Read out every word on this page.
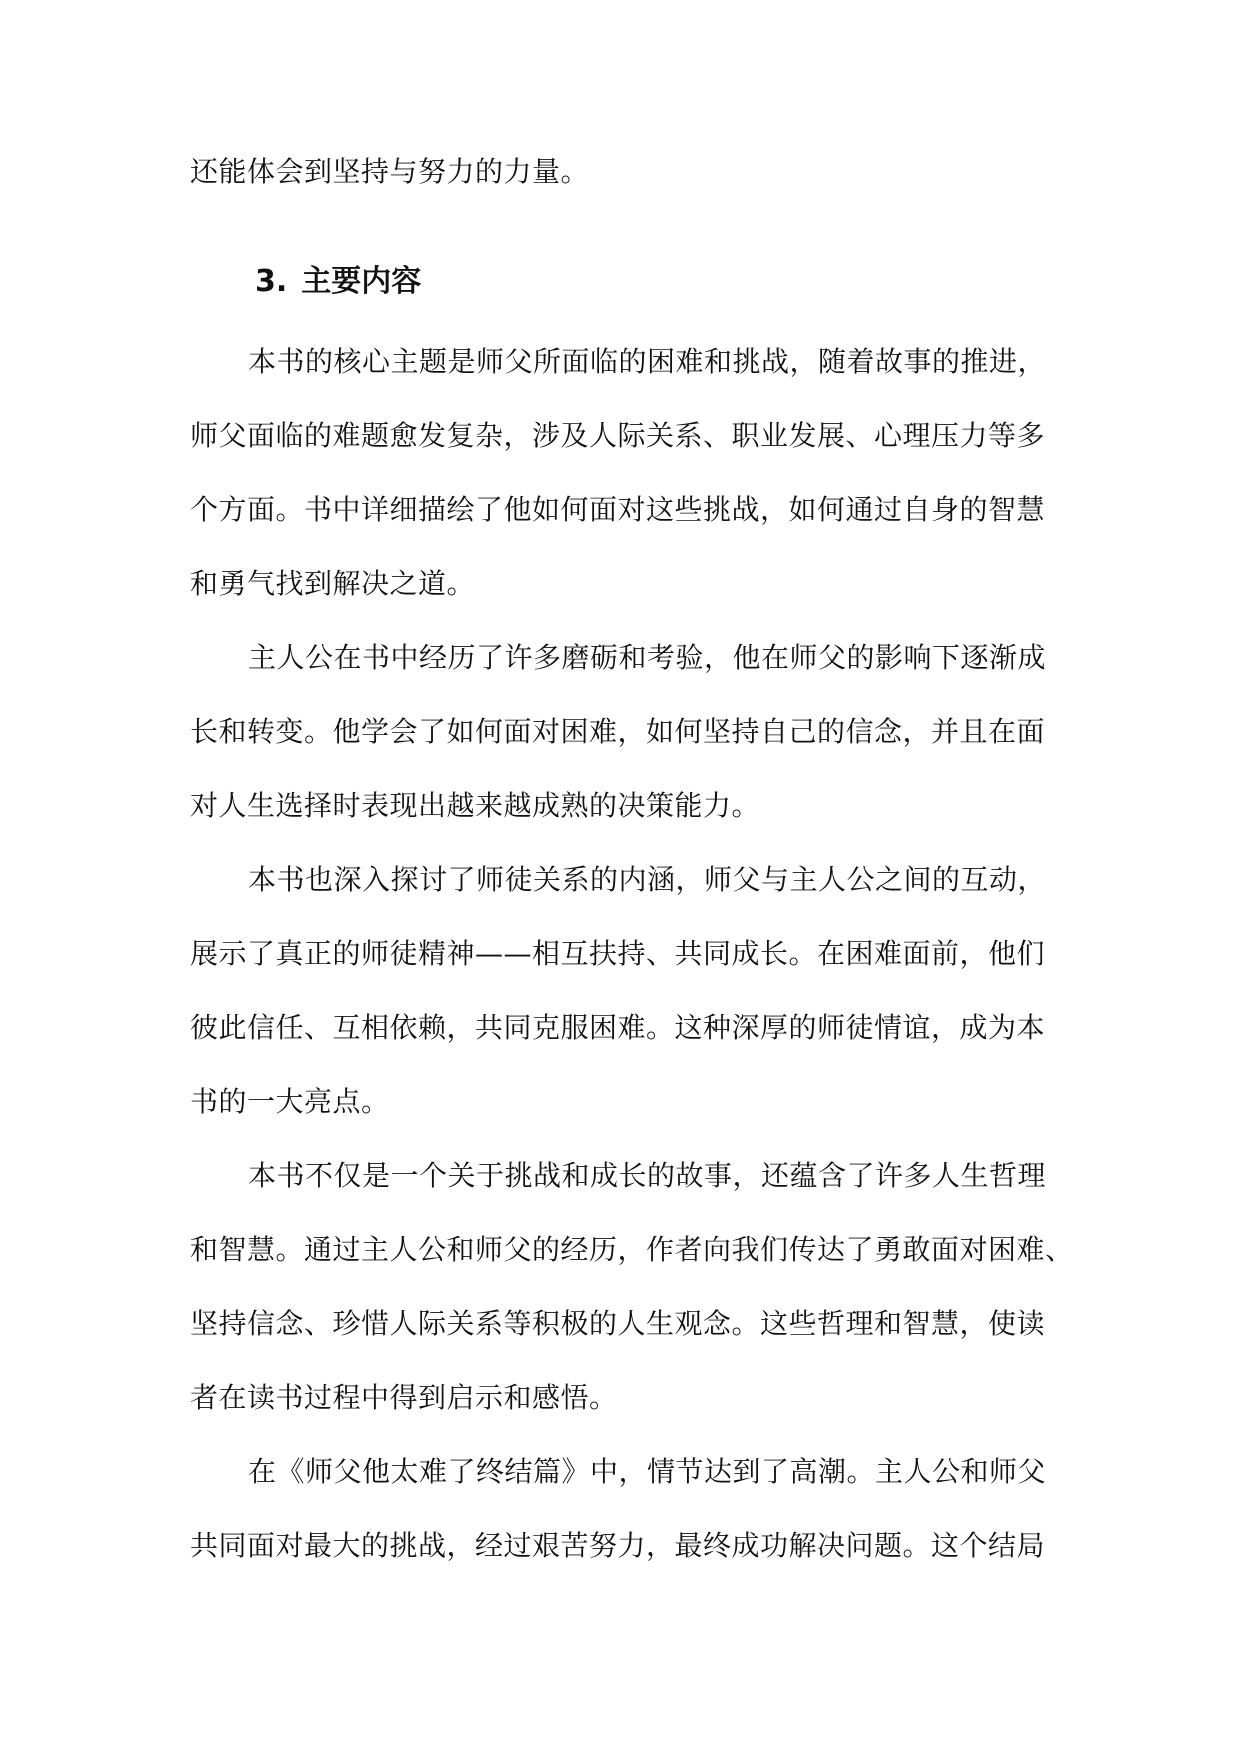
还能体会到坚持与努力的力量。
3. 主要内容
本书的核心主题是师父所面临的困难和挑战，随着故事的推进，
师父面临的难题愈发复杂，涉及人际关系、职业发展、心理压力等多
个方面。书中详细描绘了他如何面对这些挑战，如何通过自身的智慧
和勇气找到解决之道。
主人公在书中经历了许多磨砺和考验，他在师父的影响下逐渐成
长和转变。他学会了如何面对困难，如何坚持自己的信念，并且在面
对人生选择时表现出越来越成熟的决策能力。
本书也深入探讨了师徒关系的内涵，师父与主人公之间的互动，
展示了真正的师徒精神——相互扶持、共同成长。在困难面前，他们
彼此信任、互相依赖，共同克服困难。这种深厚的师徒情谊，成为本
书的一大亮点。
本书不仅是一个关于挑战和成长的故事，还蕴含了许多人生哲理
和智慧。通过主人公和师父的经历，作者向我们传达了勇敢面对困难、
坚持信念、珍惜人际关系等积极的人生观念。这些哲理和智慧，使读
者在读书过程中得到启示和感悟。
在《师父他太难了终结篇》中，情节达到了高潮。主人公和师父
共同面对最大的挑战，经过艰苦努力，最终成功解决问题。这个结局
